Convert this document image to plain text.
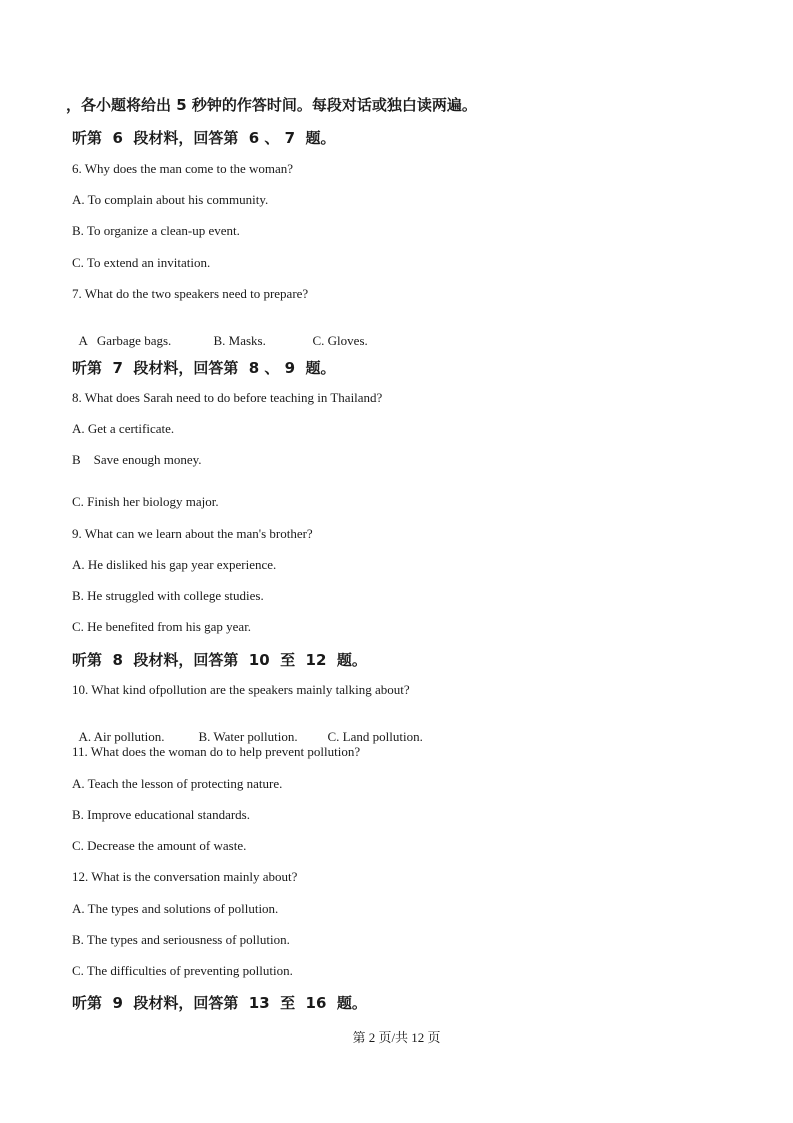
，各小题将给出 5 秒钟的作答时间。每段对话或独白读两遍。
听第  6  段材料，回答第  6 、 7  题。
6. Why does the man come to the woman?
A. To complain about his community.
B. To organize a clean-up event.
C. To extend an invitation.
7. What do the two speakers need to prepare?

A   Garbage bags.	B. Masks.	C. Gloves.

听第  7  段材料，回答第  8 、 9  题。
8. What does Sarah need to do before teaching in Thailand?
A. Get a certificate.
B    Save enough money.
C. Finish her biology major.
9. What can we learn about the man's brother?
A. He disliked his gap year experience.
B. He struggled with college studies.
C. He benefited from his gap year.
听第  8  段材料，回答第  10  至  12  题。
10. What kind ofpollution are the speakers mainly talking about?

A. Air pollution.	B. Water pollution. C. Land pollution.

11. What does the woman do to help prevent pollution?
A. Teach the lesson of protecting nature.
B. Improve educational standards.
C. Decrease the amount of waste.
12. What is the conversation mainly about?
A. The types and solutions of pollution.
B. The types and seriousness of pollution.
C. The difficulties of preventing pollution.
听第  9  段材料，回答第  13  至  16  题。
第 2 页/共 12 页
